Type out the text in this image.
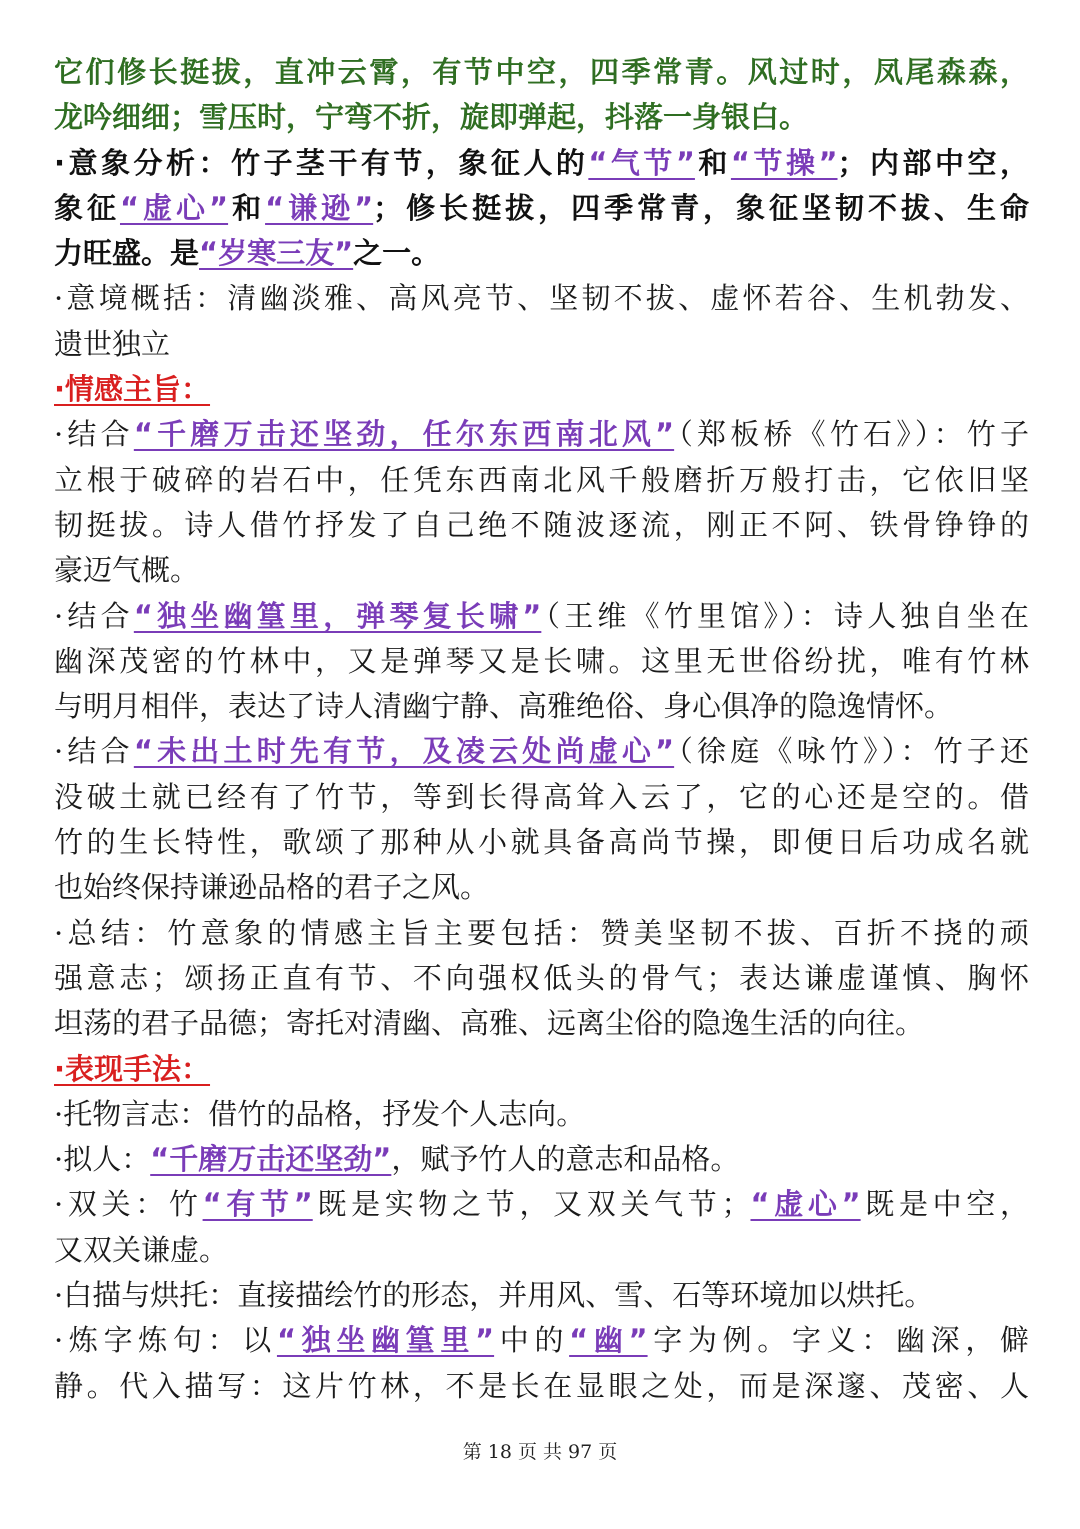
它们修长挺拔，直冲云霄，有节中空，四季常青。风过时，凤尾森森，
龙吟细细；雪压时，宁弯不折，旋即弹起，抖落一身银白。
·意象分析：竹子茎干有节，象征人的“气节”和“节操”；内部中空，
象征“虚心”和“谦逊”；修长挺拔，四季常青，象征坚韧不拔、生命
力旺盛。是“岁寒三友”之一。
·意境概括：清幽淡雅、高风亮节、坚韧不拔、虚怀若谷、生机勃发、
遗世独立
·情感主旨：
·结合“千磨万击还坚劲，任尔东西南北风”（郑板桥《竹石》）：竹子
立根于破碎的岩石中，任凭东西南北风千般磨折万般打击，它依旧坚
韧挺拔。诗人借竹抒发了自己绝不随波逐流，刚正不阿、铁骨铮铮的
豪迈气概。
·结合“独坐幽篁里，弹琴复长啸”（王维《竹里馆》）：诗人独自坐在
幽深茂密的竹林中，又是弹琴又是长啸。这里无世俗纷扰，唯有竹林
与明月相伴，表达了诗人清幽宁静、高雅绝俗、身心俱净的隐逸情怀。
·结合“未出土时先有节，及凌云处尚虚心”（徐庭《咏竹》）：竹子还
没破土就已经有了竹节，等到长得高耸入云了，它的心还是空的。借
竹的生长特性，歌颂了那种从小就具备高尚节操，即便日后功成名就
也始终保持谦逊品格的君子之风。
·总结：竹意象的情感主旨主要包括：赞美坚韧不拔、百折不挠的顽
强意志；颂扬正直有节、不向强权低头的骨气；表达谦虚谨慎、胸怀
坦荡的君子品德；寄托对清幽、高雅、远离尘俗的隐逸生活的向往。
·表现手法：
·托物言志：借竹的品格，抒发个人志向。
·拟人：“千磨万击还坚劲”，赋予竹人的意志和品格。
·双关：竹“有节”既是实物之节，又双关气节；“虚心”既是中空，
又双关谦虚。
·白描与烘托：直接描绘竹的形态，并用风、雪、石等环境加以烘托。
·炼字炼句：以“独坐幽篁里”中的“幽”字为例。字义：幽深，僻
静。代入描写：这片竹林，不是长在显眼之处，而是深邃、茂密、人
第 18 页 共 97 页
